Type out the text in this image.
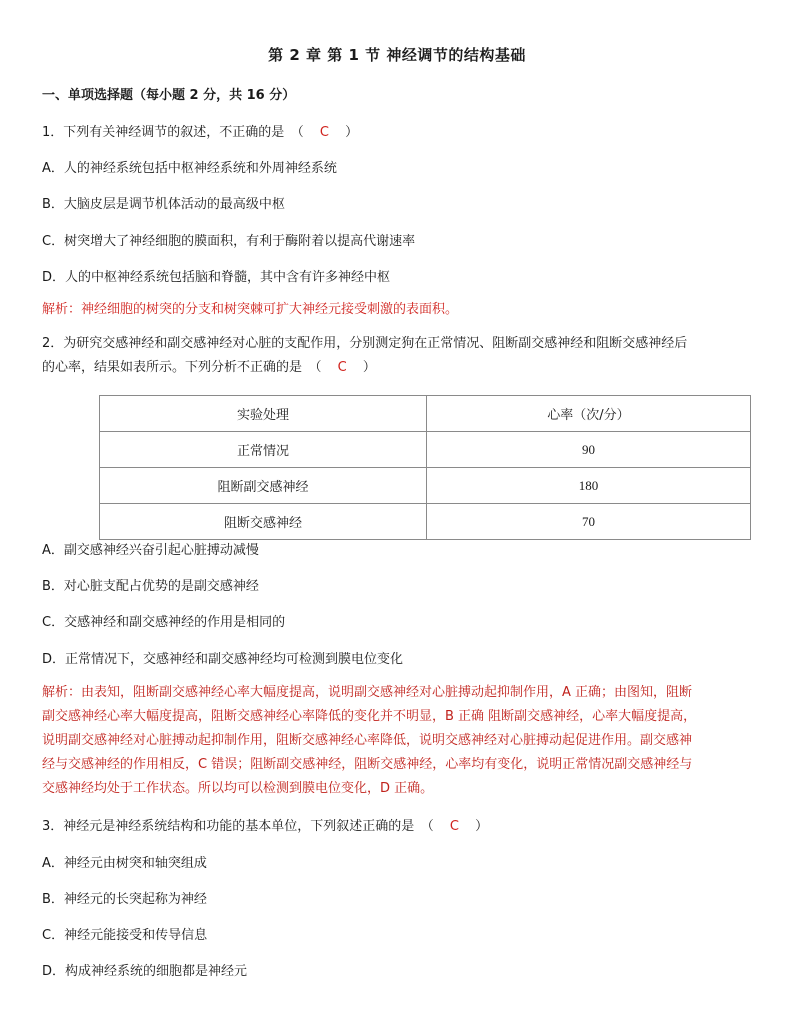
第 2 章 第 1 节 神经调节的结构基础
一、单项选择题（每小题 2 分，共 16 分）
1．下列有关神经调节的叙述，不正确的是　（ C ）
A．人的神经系统包括中枢神经系统和外周神经系统
B．大脑皮层是调节机体活动的最高级中枢
C．树突增大了神经细胞的膜面积，有利于酶附着以提高代谢速率
D．人的中枢神经系统包括脑和脊髓，其中含有许多神经中枢
解析：神经细胞的树突的分支和树突棘可扩大神经元接受刺激的表面积。
2．为研究交感神经和副交感神经对心脏的支配作用，分别测定狗在正常情况、阻断副交感神经和阻断交感神经后
的心率，结果如表所示。下列分析不正确的是　（ C ）
实验处理	心率（次/分）
正常情况	90
阻断副交感神经	180
阻断交感神经	70
A．副交感神经兴奋引起心脏搏动减慢
B．对心脏支配占优势的是副交感神经
C．交感神经和副交感神经的作用是相同的
D．正常情况下，交感神经和副交感神经均可检测到膜电位变化
解析：由表知，阻断副交感神经心率大幅度提高，说明副交感神经对心脏搏动起抑制作用，A 正确；由图知，阻断
副交感神经心率大幅度提高，阻断交感神经心率降低的变化并不明显，B 正确 阻断副交感神经，心率大幅度提高，
说明副交感神经对心脏搏动起抑制作用，阻断交感神经心率降低，说明交感神经对心脏搏动起促进作用。副交感神
经与交感神经的作用相反，C 错误；阻断副交感神经，阻断交感神经，心率均有变化，说明正常情况副交感神经与
交感神经均处于工作状态。所以均可以检测到膜电位变化，D 正确。
3．神经元是神经系统结构和功能的基本单位，下列叙述正确的是　（ C ）
A．神经元由树突和轴突组成
B．神经元的长突起称为神经
C．神经元能接受和传导信息
D．构成神经系统的细胞都是神经元
